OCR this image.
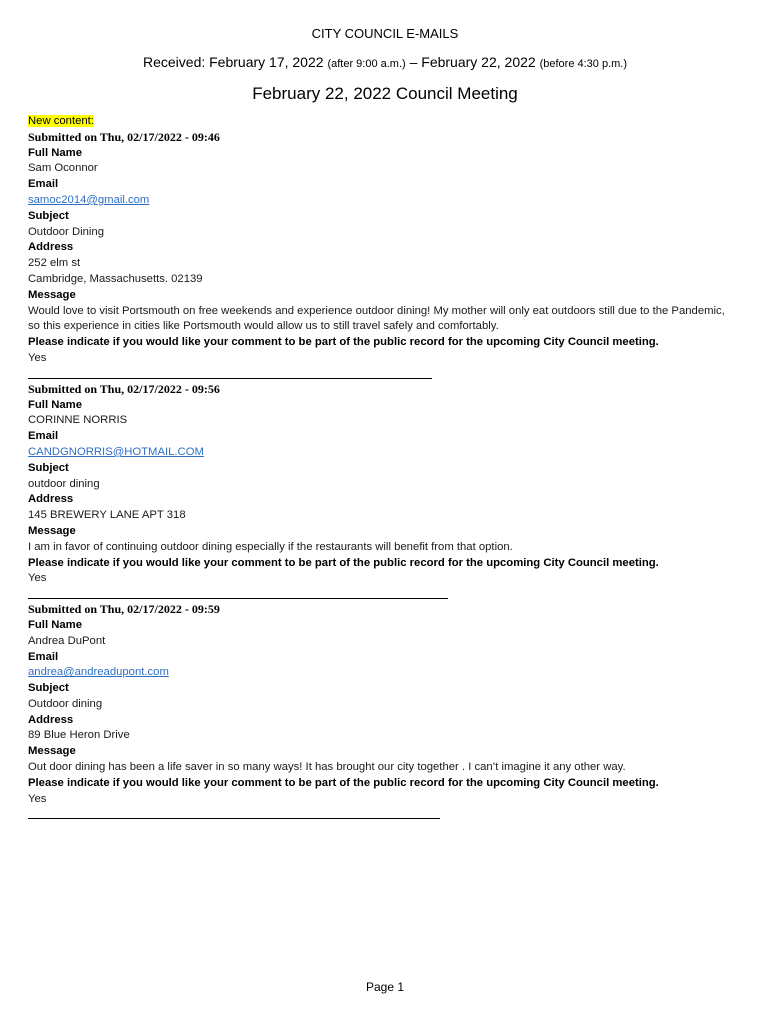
CITY COUNCIL E-MAILS
Received: February 17, 2022 (after 9:00 a.m.) – February 22, 2022 (before 4:30 p.m.)
February 22, 2022 Council Meeting
New content:
Submitted on Thu, 02/17/2022 - 09:46
Full Name
Sam Oconnor
Email
samoc2014@gmail.com
Subject
Outdoor Dining
Address
252 elm st
Cambridge, Massachusetts. 02139
Message
Would love to visit Portsmouth on free weekends and experience outdoor dining! My mother will only eat outdoors still due to the Pandemic, so this experience in cities like Portsmouth would allow us to still travel safely and comfortably.
Please indicate if you would like your comment to be part of the public record for the upcoming City Council meeting.
Yes
Submitted on Thu, 02/17/2022 - 09:56
Full Name
CORINNE NORRIS
Email
CANDGNORRIS@HOTMAIL.COM
Subject
outdoor dining
Address
145 BREWERY LANE APT 318
Message
I am in favor of continuing outdoor dining especially if the restaurants will benefit from that option.
Please indicate if you would like your comment to be part of the public record for the upcoming City Council meeting.
Yes
Submitted on Thu, 02/17/2022 - 09:59
Full Name
Andrea DuPont
Email
andrea@andreadupont.com
Subject
Outdoor dining
Address
89 Blue Heron Drive
Message
Out door dining has been a life saver in so many ways! It has brought our city together . I can’t imagine it any other way.
Please indicate if you would like your comment to be part of the public record for the upcoming City Council meeting.
Yes
Page 1
